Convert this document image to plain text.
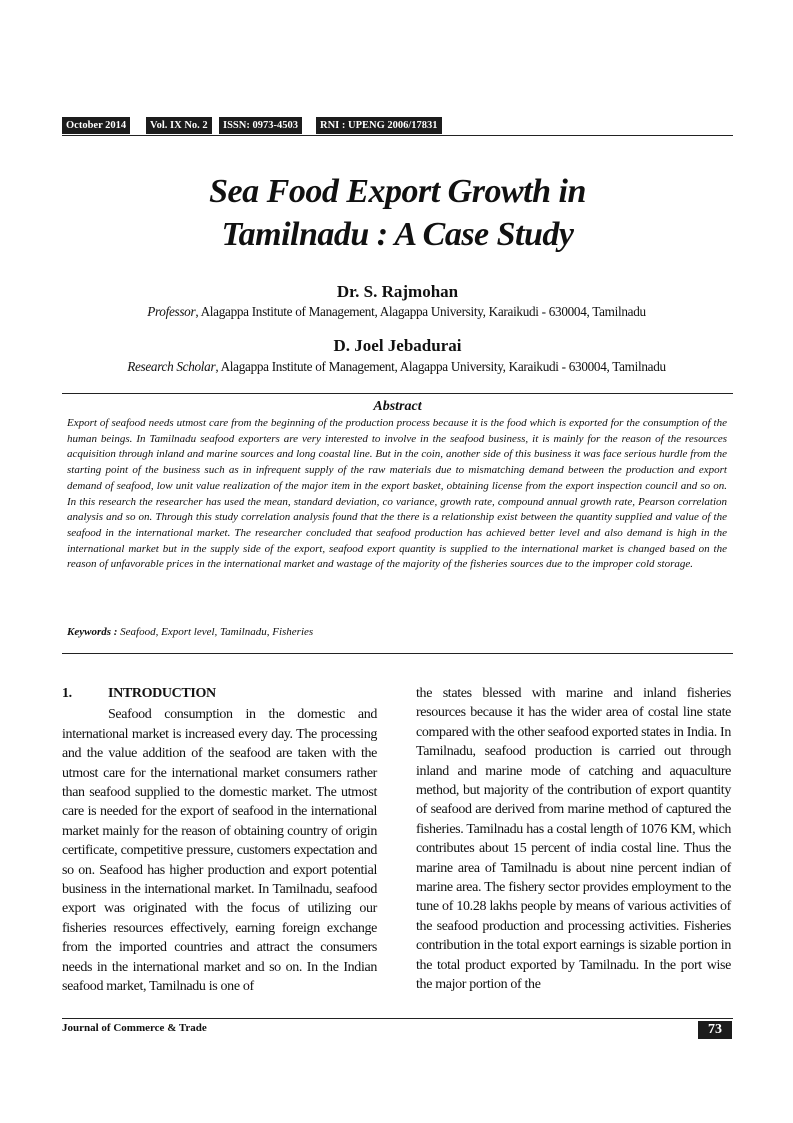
October 2014	Vol. IX No. 2	ISSN: 0973-4503	RNI : UPENG 2006/17831
Sea Food Export Growth in
Tamilnadu : A Case Study
Dr. S. Rajmohan
Professor, Alagappa Institute of Management, Alagappa University, Karaikudi - 630004, Tamilnadu
D. Joel Jebadurai
Research Scholar, Alagappa Institute of Management, Alagappa University, Karaikudi - 630004, Tamilnadu
Abstract
Export of seafood needs utmost care from the beginning of the production process because it is the food which is exported for the consumption of the human beings. In Tamilnadu seafood exporters are very interested to involve in the seafood business, it is mainly for the reason of the resources acquisition through inland and marine sources and long coastal line. But in the coin, another side of this business it was face serious hurdle from the starting point of the business such as in infrequent supply of the raw materials due to mismatching demand between the production and export demand of seafood, low unit value realization of the major item in the export basket, obtaining license from the export inspection council and so on. In this research the researcher has used the mean, standard deviation, co variance, growth rate, compound annual growth rate, Pearson correlation analysis and so on. Through this study correlation analysis found that the there is a relationship exist between the quantity supplied and value of the seafood in the international market. The researcher concluded that seafood production has achieved better level and also demand is high in the international market but in the supply side of the export, seafood export quantity is supplied to the international market is changed based on the reason of unfavorable prices in the international market and wastage of the majority of the fisheries sources due to the improper cold storage.
Keywords : Seafood, Export level, Tamilnadu, Fisheries
1.	INTRODUCTION

Seafood consumption in the domestic and international market is increased every day. The processing and the value addition of the seafood are taken with the utmost care for the international market consumers rather than seafood supplied to the domestic market. The utmost care is needed for the export of seafood in the international market mainly for the reason of obtaining country of origin certificate, competitive pressure, customers expectation and so on. Seafood has higher production and export potential business in the international market. In Tamilnadu, seafood export was originated with the focus of utilizing our fisheries resources effectively, earning foreign exchange from the imported countries and attract the consumers needs in the international market and so on. In the Indian seafood market, Tamilnadu is one of

the states blessed with marine and inland fisheries resources because it has the wider area of costal line state compared with the other seafood exported states in India. In Tamilnadu, seafood production is carried out through inland and marine mode of catching and aquaculture method, but majority of the contribution of export quantity of seafood are derived from marine method of captured the fisheries. Tamilnadu has a costal length of 1076 KM, which contributes about 15 percent of india costal line. Thus the marine area of Tamilnadu is about nine percent indian of marine area. The fishery sector provides employment to the tune of 10.28 lakhs people by means of various activities of the seafood production and processing activities. Fisheries contribution in the total export earnings is sizable portion in the total product exported by Tamilnadu. In the port wise the major portion of the

Journal of Commerce & Trade	73
